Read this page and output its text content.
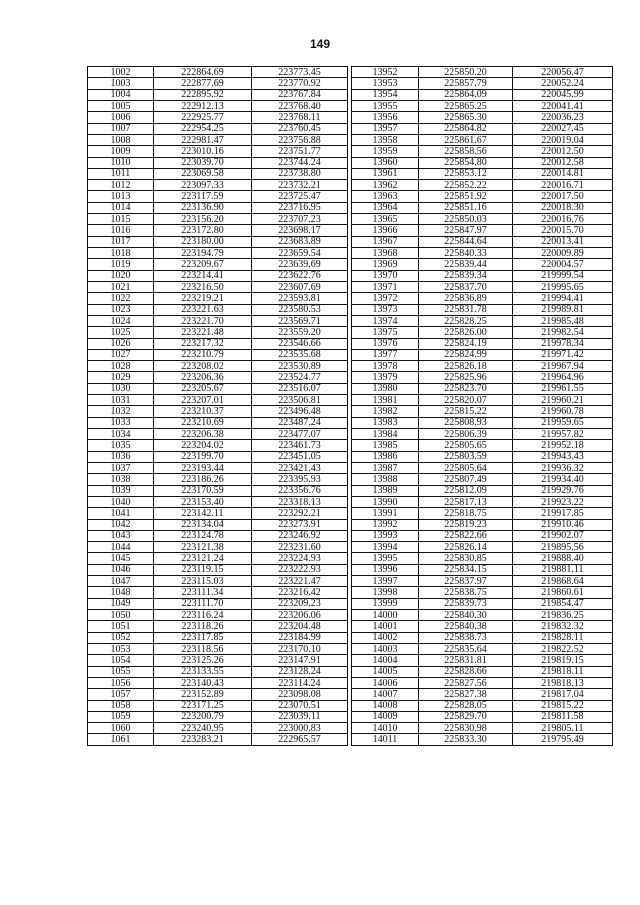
149
1002	222864.69	223773.45		13952	225850.20	220056.47
1003	222877.69	223770.92		13953	225857.79	220052.24
1004	222895.92	223767.84		13954	225864.09	220045.99
1005	222912.13	223768.40		13955	225865.25	220041.41
1006	222925.77	223768.11		13956	225865.30	220036.23
1007	222954.25	223760.45		13957	225864.82	220027.45
1008	222981.47	223756.88		13958	225861.67	220019.04
1009	223010.16	223751.77		13959	225858.56	220012.50
1010	223039.70	223744.24		13960	225854.80	220012.58
1011	223069.58	223738.80		13961	225853.12	220014.81
1012	223097.33	223732.21		13962	225852.22	220016.71
1013	223117.59	223725.47		13963	225851.92	220017.50
1014	223136.90	223716.95		13964	225851.16	220018.30
1015	223156.20	223707.23		13965	225850.03	220016.76
1016	223172.80	223698.17		13966	225847.97	220015.70
1017	223180.00	223683.89		13967	225844.64	220013.41
1018	223194.79	223659.54		13968	225840.33	220009.89
1019	223209.67	223639.69		13969	225839.44	220004.57
1020	223214.41	223622.76		13970	225839.34	219999.54
1021	223216.50	223607.69		13971	225837.70	219995.65
1022	223219.21	223593.81		13972	225836.89	219994.41
1023	223221.63	223580.53		13973	225831.78	219989.81
1024	223221.70	223569.71		13974	225828.25	219985.48
1025	223221.48	223559.20		13975	225826.00	219982.54
1026	223217.32	223546.66		13976	225824.19	219978.34
1027	223210.79	223535.68		13977	225824.99	219971.42
1028	223208.02	223530.89		13978	225826.18	219967.94
1029	223206.36	223524.77		13979	225825.96	219964.96
1030	223205.67	223516.07		13980	225823.70	219961.55
1031	223207.01	223506.81		13981	225820.07	219960.21
1032	223210.37	223496.48		13982	225815.22	219960.78
1033	223210.69	223487.24		13983	225808.93	219959.65
1034	223206.38	223477.07		13984	225806.39	219957.82
1035	223204.02	223461.73		13985	225805.65	219952.18
1036	223199.70	223451.05		13986	225803.59	219943.43
1037	223193.44	223421.43		13987	225805.64	219936.32
1038	223186.26	223395.93		13988	225807.49	219934.40
1039	223170.59	223356.76		13989	225812.09	219929.76
1040	223153.40	223318.13		13990	225817.13	219923.22
1041	223142.11	223292.21		13991	225818.75	219917.85
1042	223134.04	223273.91		13992	225819.23	219910.46
1043	223124.78	223246.92		13993	225822.66	219902.07
1044	223121.38	223231.60		13994	225826.14	219895.56
1045	223121.24	223224.93		13995	225830.85	219888.40
1046	223119.15	223222.93		13996	225834.15	219881.11
1047	223115.03	223221.47		13997	225837.97	219868.64
1048	223111.34	223216.42		13998	225838.75	219860.61
1049	223111.70	223209.23		13999	225839.73	219854.47
1050	223116.24	223206.06		14000	225840.30	219836.25
1051	223118.26	223204.48		14001	225840.38	219832.32
1052	223117.85	223184.99		14002	225838.73	219828.11
1053	223118.56	223170.10		14003	225835.64	219822.52
1054	223125.26	223147.91		14004	225831.81	219819.15
1055	223133.55	223128.24		14005	225828.66	219818.11
1056	223140.43	223114.24		14006	225827.56	219818.13
1057	223152.89	223098.08		14007	225827.38	219817.04
1058	223171.25	223070.51		14008	225828.05	219815.22
1059	223200.79	223039.11		14009	225829.70	219811.58
1060	223240.95	223000.83		14010	225830.98	219805.11
1061	223283.21	222965.57		14011	225833.30	219795.49
